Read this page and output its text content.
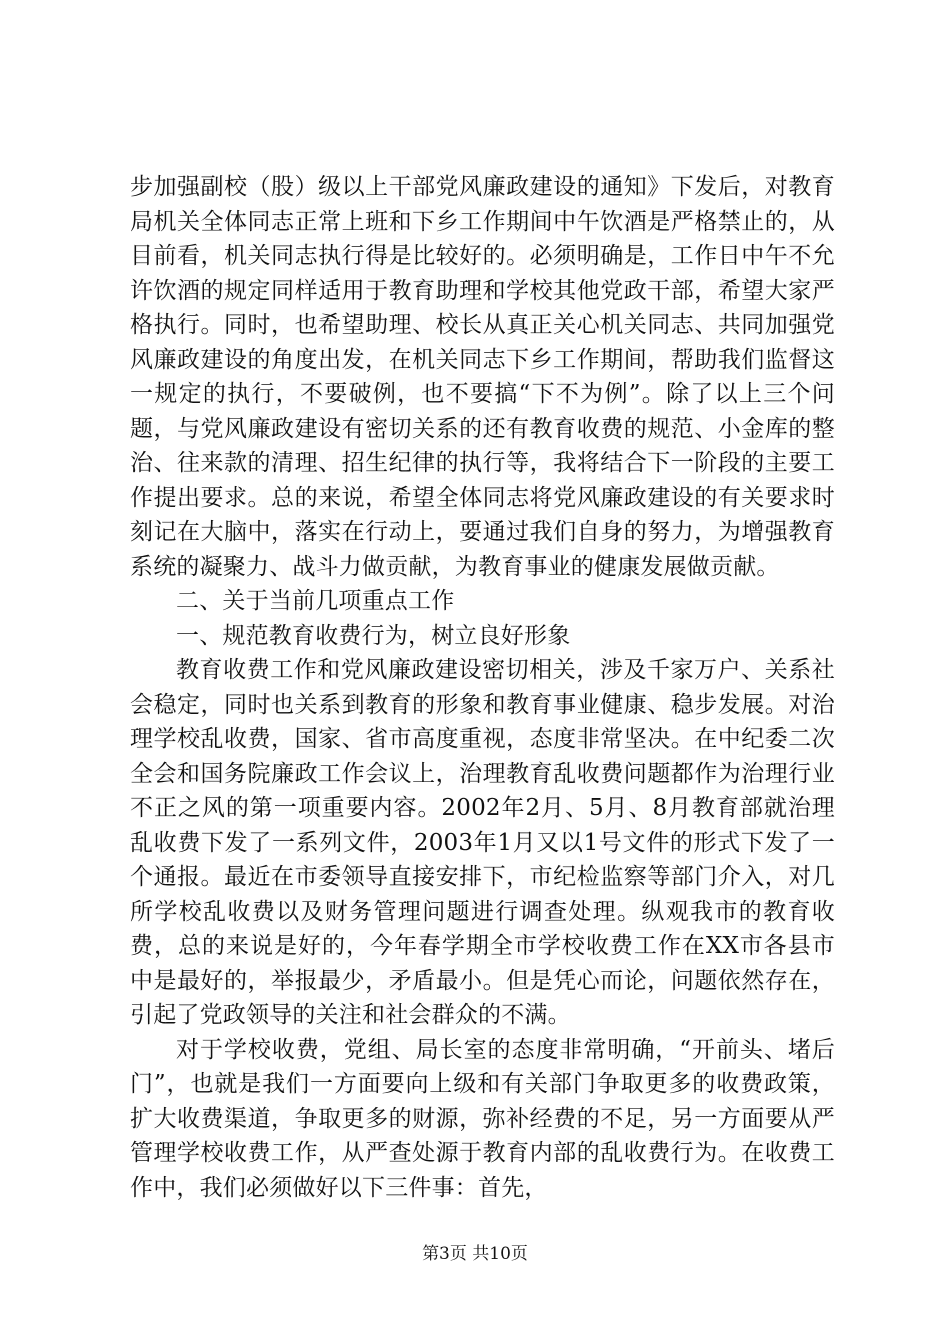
步加强副校（股）级以上干部党风廉政建设的通知》下发后，对教育局机关全体同志正常上班和下乡工作期间中午饮酒是严格禁止的，从目前看，机关同志执行得是比较好的。必须明确是，工作日中午不允许饮酒的规定同样适用于教育助理和学校其他党政干部，希望大家严格执行。同时，也希望助理、校长从真正关心机关同志、共同加强党风廉政建设的角度出发，在机关同志下乡工作期间，帮助我们监督这一规定的执行，不要破例，也不要搞“下不为例”。除了以上三个问题，与党风廉政建设有密切关系的还有教育收费的规范、小金库的整治、往来款的清理、招生纪律的执行等，我将结合下一阶段的主要工作提出要求。总的来说，希望全体同志将党风廉政建设的有关要求时刻记在大脑中，落实在行动上，要通过我们自身的努力，为增强教育系统的凝聚力、战斗力做贡献，为教育事业的健康发展做贡献。

二、关于当前几项重点工作

一、规范教育收费行为，树立良好形象

教育收费工作和党风廉政建设密切相关，涉及千家万户、关系社会稳定，同时也关系到教育的形象和教育事业健康、稳步发展。对治理学校乱收费，国家、省市高度重视，态度非常坚决。在中纪委二次全会和国务院廉政工作会议上，治理教育乱收费问题都作为治理行业不正之风的第一项重要内容。2002年2月、5月、8月教育部就治理乱收费下发了一系列文件，2003年1月又以1号文件的形式下发了一个通报。最近在市委领导直接安排下，市纪检监察等部门介入，对几所学校乱收费以及财务管理问题进行调查处理。纵观我市的教育收费，总的来说是好的，今年春学期全市学校收费工作在XX市各县市中是最好的，举报最少，矛盾最小。但是凭心而论，问题依然存在，引起了党政领导的关注和社会群众的不满。

对于学校收费，党组、局长室的态度非常明确，“开前头、堵后门”，也就是我们一方面要向上级和有关部门争取更多的收费政策，扩大收费渠道，争取更多的财源，弥补经费的不足，另一方面要从严管理学校收费工作，从严查处源于教育内部的乱收费行为。在收费工作中，我们必须做好以下三件事：首先，

第3页 共10页
